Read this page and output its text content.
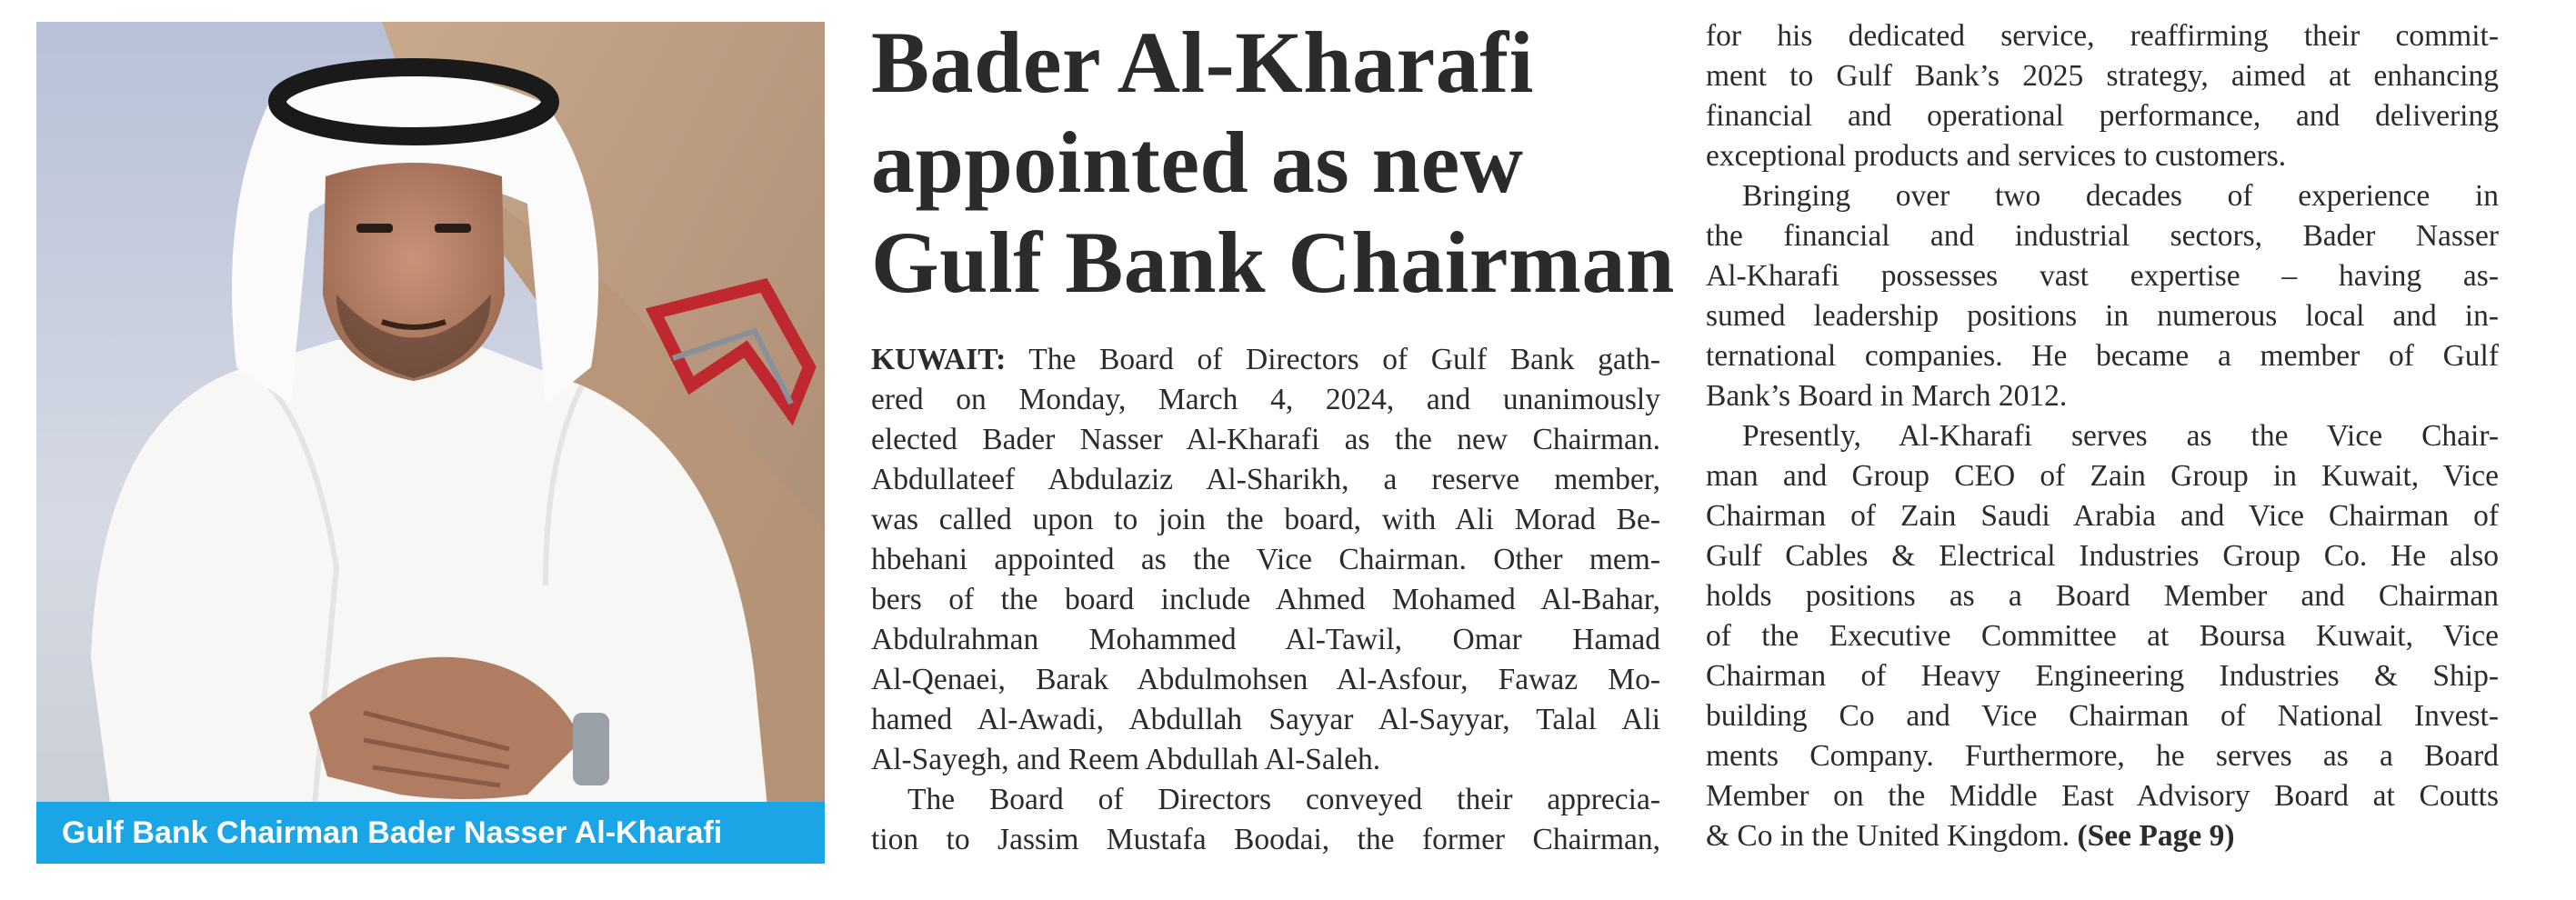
Gulf Bank Chairman Bader Nasser Al-Kharafi
Bader Al-Kharafi
appointed as new
Gulf Bank Chairman
KUWAIT: The Board of Directors of Gulf Bank gath-
ered on Monday, March 4, 2024, and unanimously
elected Bader Nasser Al-Kharafi as the new Chairman.
Abdullateef Abdulaziz Al-Sharikh, a reserve member,
was called upon to join the board, with Ali Morad Be-
hbehani appointed as the Vice Chairman. Other mem-
bers of the board include Ahmed Mohamed Al-Bahar,
Abdulrahman Mohammed Al-Tawil, Omar Hamad
Al-Qenaei, Barak Abdulmohsen Al-Asfour, Fawaz Mo-
hamed Al-Awadi, Abdullah Sayyar Al-Sayyar, Talal Ali
Al-Sayegh, and Reem Abdullah Al-Saleh.
The Board of Directors conveyed their apprecia-
tion to Jassim Mustafa Boodai, the former Chairman,
for his dedicated service, reaffirming their commit-
ment to Gulf Bank’s 2025 strategy, aimed at enhancing
financial and operational performance, and delivering
exceptional products and services to customers.
Bringing over two decades of experience in
the financial and industrial sectors, Bader Nasser
Al-Kharafi possesses vast expertise – having as-
sumed leadership positions in numerous local and in-
ternational companies. He became a member of Gulf
Bank’s Board in March 2012.
Presently, Al-Kharafi serves as the Vice Chair-
man and Group CEO of Zain Group in Kuwait, Vice
Chairman of Zain Saudi Arabia and Vice Chairman of
Gulf Cables & Electrical Industries Group Co. He also
holds positions as a Board Member and Chairman
of the Executive Committee at Boursa Kuwait, Vice
Chairman of Heavy Engineering Industries & Ship-
building Co and Vice Chairman of National Invest-
ments Company. Furthermore, he serves as a Board
Member on the Middle East Advisory Board at Coutts
& Co in the United Kingdom. (See Page 9)
